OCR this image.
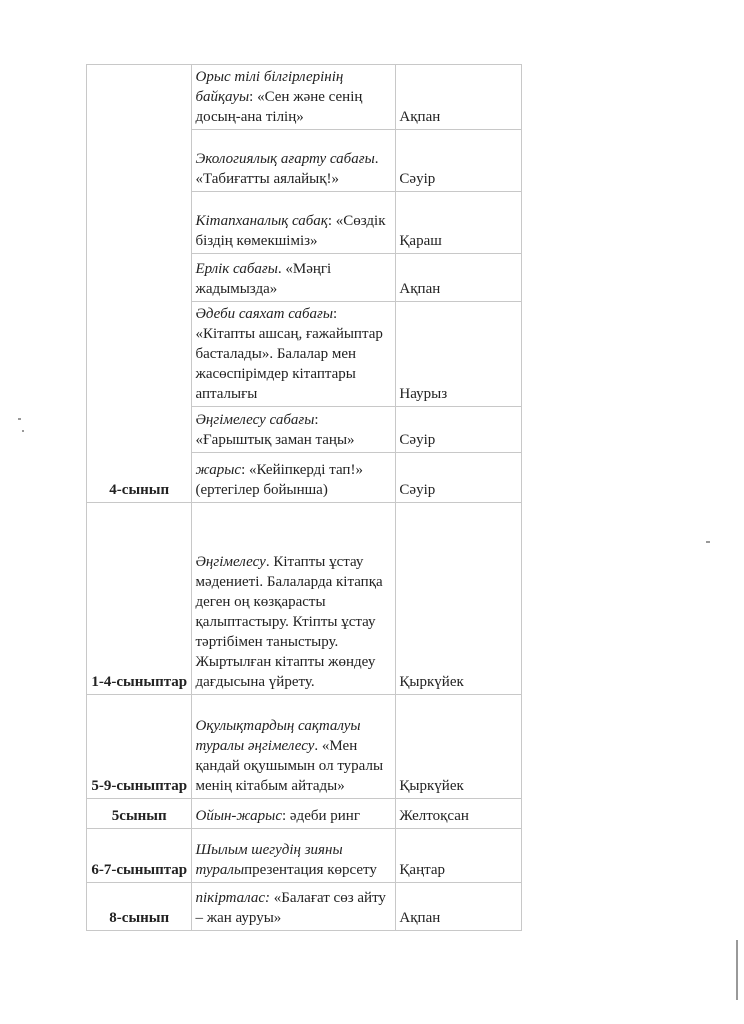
4-сынып	Орыс тілі білгірлерінің байқауы: «Сен және сенің досың-ана тілің»	Ақпан

	Экологиялық ағарту сабағы. «Табиғатты аялайық!»	Сәуір

	Кітапханалық сабақ: «Сөздік біздің көмекшіміз»	Қараш

	Ерлік сабағы. «Мәңгі жадымызда»	Ақпан

	Әдеби саяхат сабағы: «Кітапты ашсаң, ғажайыптар басталады». Балалар мен жасөспірімдер кітаптары апталығы	Наурыз

	Әңгімелесу сабағы: «Ғарыштық заман таңы»	Сәуір

	жарыс: «Кейіпкерді тап!» (ертегілер бойынша)	Сәуір

1-4-сыныптар	Әңгімелесу. Кітапты ұстау мәдениеті. Балаларда кітапқа деген оң көзқарасты қалыптастыру. Ктіпты ұстау тәртібімен таныстыру. Жыртылған кітапты жөндеу дағдысына үйрету.	Қыркүйек

5-9-сыныптар	Оқулықтардың сақталуы туралы әңгімелесу. «Мен қандай оқушымын ол туралы менің кітабым айтады»	Қыркүйек

5сынып	Ойын-жарыс: әдеби ринг	Желтоқсан

6-7-сыныптар	Шылым шегудің зияны туралыпрезентация көрсету	Қаңтар

8-сынып	пікірталас: «Балағат сөз айту – жан ауруы»	Ақпан
